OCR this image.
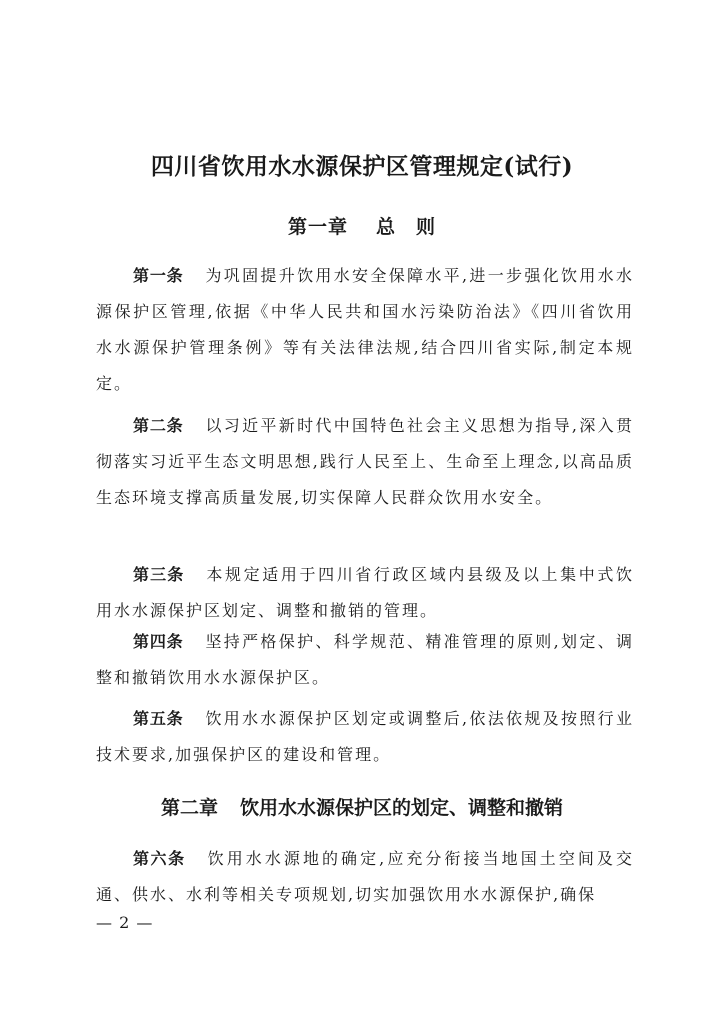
四川省饮用水水源保护区管理规定(试行)
第一章 总　则

第一条 为巩固提升饮用水安全保障水平,进一步强化饮用水水源保护区管理,依据《中华人民共和国水污染防治法》《四川省饮用水水源保护管理条例》等有关法律法规,结合四川省实际,制定本规定。

第二条 以习近平新时代中国特色社会主义思想为指导,深入贯彻落实习近平生态文明思想,践行人民至上、生命至上理念,以高品质生态环境支撑高质量发展,切实保障人民群众饮用水安全。

第三条 本规定适用于四川省行政区域内县级及以上集中式饮用水水源保护区划定、调整和撤销的管理。

第四条 坚持严格保护、科学规范、精准管理的原则,划定、调整和撤销饮用水水源保护区。

第五条 饮用水水源保护区划定或调整后,依法依规及按照行业技术要求,加强保护区的建设和管理。

第二章 饮用水水源保护区的划定、调整和撤销

第六条 饮用水水源地的确定,应充分衔接当地国土空间及交通、供水、水利等相关专项规划,切实加强饮用水水源保护,确保

— 2 —
